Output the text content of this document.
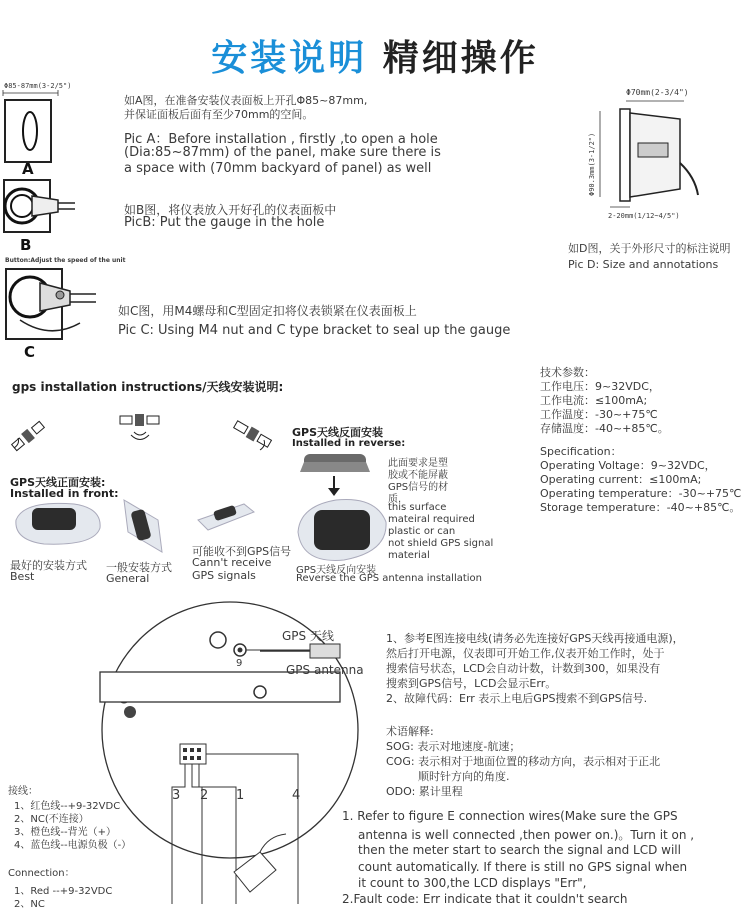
安装说明 精细操作
Φ85-87mm(3-2/5")
A
如A图，在准备安装仪表面板上开孔Φ85~87mm,
并保证面板后面有至少70mm的空间。
Pic A：Before installation , firstly ,to open a hole
(Dia:85~87mm) of the panel, make sure there is
a space with (70mm backyard of panel) as well
B
如B图，将仪表放入开好孔的仪表面板中
PicB: Put the gauge in the hole
Button:Adjust the speed of the unit
C
如C图，用M4螺母和C型固定扣将仪表锁紧在仪表面板上
Pic C: Using M4 nut and C type bracket to seal up the gauge
Φ70mm(2-3/4")
Φ90.3mm(3-1/2")
2-20mm(1/12~4/5")
如D图，关于外形尺寸的标注说明
Pic D: Size and annotations
gps installation instructions/天线安装说明:
GPS天线正面安装:
Installed in front:
GPS天线反面安装
Installed in reverse:
此面要求是塑
胶或不能屏蔽
GPS信号的材
质.
this surface
mateiral required
plastic or can
not shield GPS signal
material
最好的安装方式
Best
一般安装方式
General
可能收不到GPS信号
Cann't receive
GPS signals	GPS天线反向安装
Reverse the GPS antenna installation
技术参数：
工作电压：9~32VDC，
工作电流：≤100mA;
工作温度：-30~+75℃
存储温度：-40~+85℃。
Specification：
Operating Voltage：9~32VDC，
Operating current：≤100mA;
Operating temperature：-30~+75℃
Storage temperature：-40~+85℃。
GPS 天线
GPS antenna
9
3 2 1	4
接线：
1、红色线--+9-32VDC
2、NC(不连接）
3、橙色线--背光（+）
4、蓝色线--电源负极（-）
Connection：
1、Red --+9-32VDC
2、NC
1、参考E图连接电线(请务必先连接好GPS天线再接通电源)，
然后打开电源，仪表即可开始工作,仪表开始工作时，处于
搜索信号状态，LCD会自动计数，计数到300，如果没有
搜索到GPS信号，LCD会显示Err。
2、故障代码：Err 表示上电后GPS搜索不到GPS信号.
术语解释:
SOG: 表示对地速度-航速；
COG: 表示相对于地面位置的移动方向，表示相对于正北
顺时针方向的角度.
ODO: 累计里程
1. Refer to figure E connection wires(Make sure the GPS
antenna is well connected ,then power on.)。Turn it on ,
then the meter start to search the signal and LCD will
count automatically. If there is still no GPS signal when
it count to 300,the LCD displays "Err",
2.Fault code: Err indicate that it couldn't search
